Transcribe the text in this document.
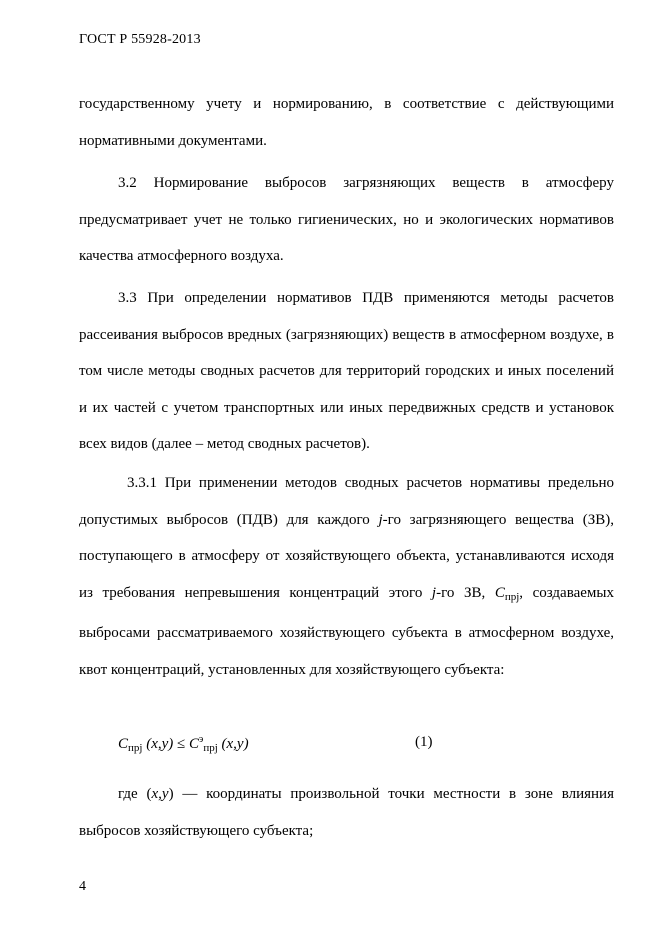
ГОСТ Р 55928-2013

государственному учету и нормированию, в соответствие с действующими нормативными документами.

3.2 Нормирование выбросов загрязняющих веществ в атмосферу предусматривает учет не только гигиенических, но и экологических нормативов качества атмосферного воздуха.

3.3 При определении нормативов ПДВ применяются методы расчетов рассеивания выбросов вредных (загрязняющих) веществ в атмосферном воздухе, в том числе методы сводных расчетов для территорий городских и иных поселений и их частей с учетом транспортных или иных передвижных средств и установок всех видов (далее – метод сводных расчетов).

3.3.1 При применении методов сводных расчетов нормативы предельно допустимых выбросов (ПДВ) для каждого j-го загрязняющего вещества (ЗВ), поступающего в атмосферу от хозяйствующего объекта, устанавливаются исходя из требования непревышения концентраций этого j-го ЗВ, $C_{прj}$, создаваемых выбросами рассматриваемого хозяйствующего субъекта в атмосферном воздухе, квот концентраций, установленных для хозяйствующего субъекта:

$C_{прj}$ $(x,y) \le C^э_{прj}$ (x,y)	(1)

где (x,y) — координаты произвольной точки местности в зоне влияния выбросов хозяйствующего субъекта;

4
